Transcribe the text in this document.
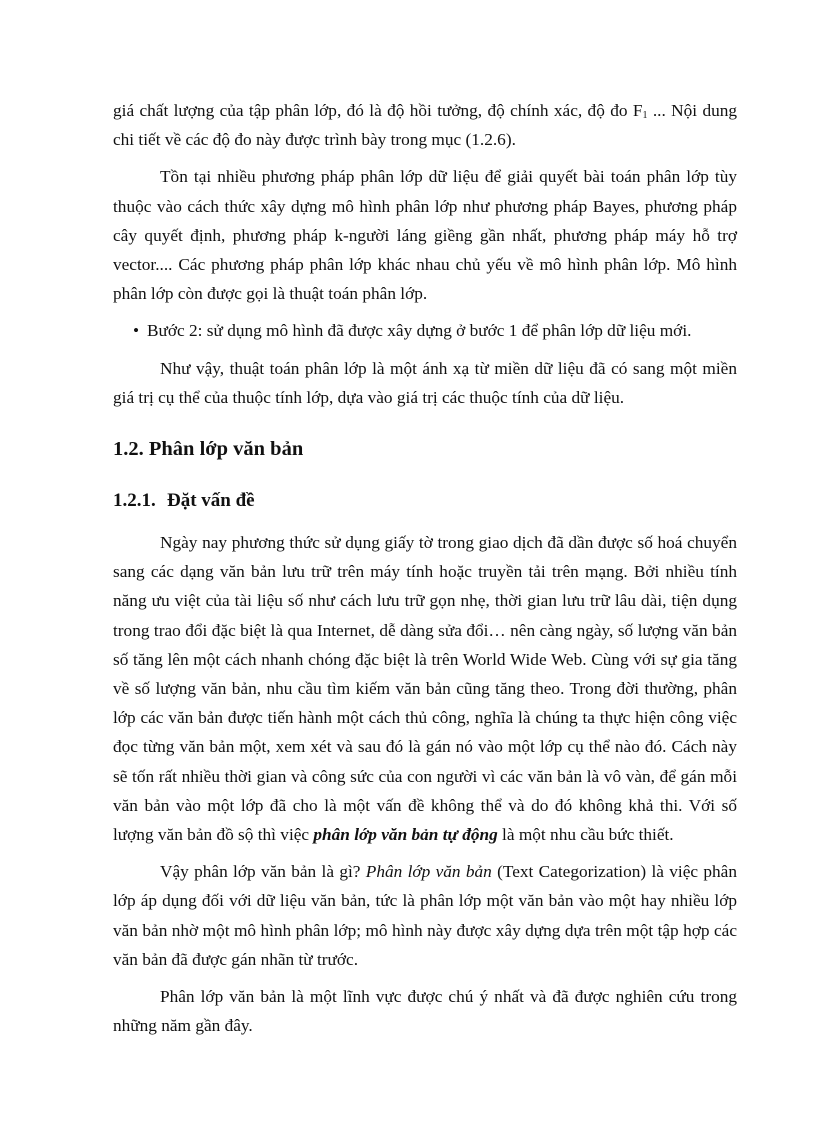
giá chất lượng của tập phân lớp, đó là độ hồi tưởng, độ chính xác, độ đo $F_1$ ... Nội dung chi tiết về các độ đo này được trình bày trong mục (1.2.6).

Tồn tại nhiều phương pháp phân lớp dữ liệu để giải quyết bài toán phân lớp tùy thuộc vào cách thức xây dựng mô hình phân lớp như phương pháp Bayes, phương pháp cây quyết định, phương pháp k-người láng giềng gần nhất, phương pháp máy hỗ trợ vector.... Các phương pháp phân lớp khác nhau chủ yếu về mô hình phân lớp. Mô hình phân lớp còn được gọi là thuật toán phân lớp.

• Bước 2: sử dụng mô hình đã được xây dựng ở bước 1 để phân lớp dữ liệu mới.

Như vậy, thuật toán phân lớp là một ánh xạ từ miền dữ liệu đã có sang một miền giá trị cụ thể của thuộc tính lớp, dựa vào giá trị các thuộc tính của dữ liệu.

1.2. Phân lớp văn bản
1.2.1. Đặt vấn đề

Ngày nay phương thức sử dụng giấy tờ trong giao dịch đã dần được số hoá chuyển sang các dạng văn bản lưu trữ trên máy tính hoặc truyền tải trên mạng. Bởi nhiều tính năng ưu việt của tài liệu số như cách lưu trữ gọn nhẹ, thời gian lưu trữ lâu dài, tiện dụng trong trao đổi đặc biệt là qua Internet, dễ dàng sửa đổi… nên càng ngày, số lượng văn bản số tăng lên một cách nhanh chóng đặc biệt là trên World Wide Web. Cùng với sự gia tăng về số lượng văn bản, nhu cầu tìm kiếm văn bản cũng tăng theo. Trong đời thường, phân lớp các văn bản được tiến hành một cách thủ công, nghĩa là chúng ta thực hiện công việc đọc từng văn bản một, xem xét và sau đó là gán nó vào một lớp cụ thể nào đó. Cách này sẽ tốn rất nhiều thời gian và công sức của con người vì các văn bản là vô vàn, để gán mỗi văn bản vào một lớp đã cho là một vấn đề không thể và do đó không khả thi. Với số lượng văn bản đồ sộ thì việc phân lớp văn bản tự động là một nhu cầu bức thiết.

Vậy phân lớp văn bản là gì? Phân lớp văn bản (Text Categorization) là việc phân lớp áp dụng đối với dữ liệu văn bản, tức là phân lớp một văn bản vào một hay nhiều lớp văn bản nhờ một mô hình phân lớp; mô hình này được xây dựng dựa trên một tập hợp các văn bản đã được gán nhãn từ trước.

Phân lớp văn bản là một lĩnh vực được chú ý nhất và đã được nghiên cứu trong những năm gần đây.
